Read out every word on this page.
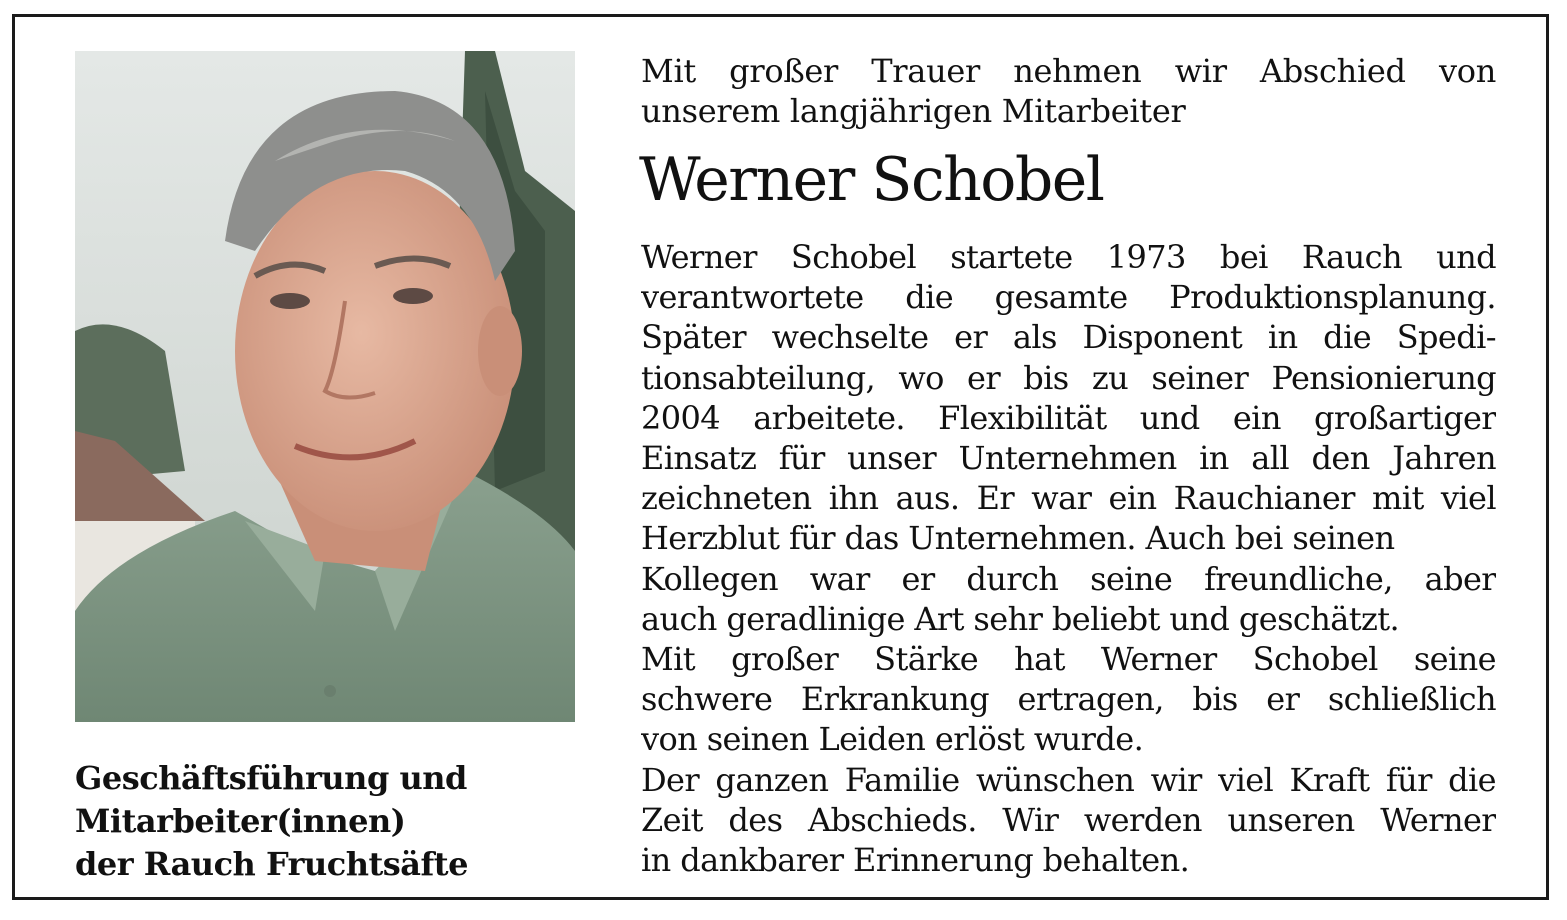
Geschäftsführung und
Mitarbeiter(innen)
der Rauch Fruchtsäfte
Mit großer Trauer nehmen wir Abschied von
unserem langjährigen Mitarbeiter
Werner Schobel
Werner Schobel startete 1973 bei Rauch und
verantwortete die gesamte Produktionsplanung.
Später wechselte er als Disponent in die Spedi-
tionsabteilung, wo er bis zu seiner Pensionierung
2004 arbeitete. Flexibilität und ein großartiger
Einsatz für unser Unternehmen in all den Jahren
zeichneten ihn aus. Er war ein Rauchianer mit viel
Herzblut für das Unternehmen. Auch bei seinen
Kollegen war er durch seine freundliche, aber
auch geradlinige Art sehr beliebt und geschätzt.
Mit großer Stärke hat Werner Schobel seine
schwere Erkrankung ertragen, bis er schließlich
von seinen Leiden erlöst wurde.
Der ganzen Familie wünschen wir viel Kraft für die
Zeit des Abschieds. Wir werden unseren Werner
in dankbarer Erinnerung behalten.
